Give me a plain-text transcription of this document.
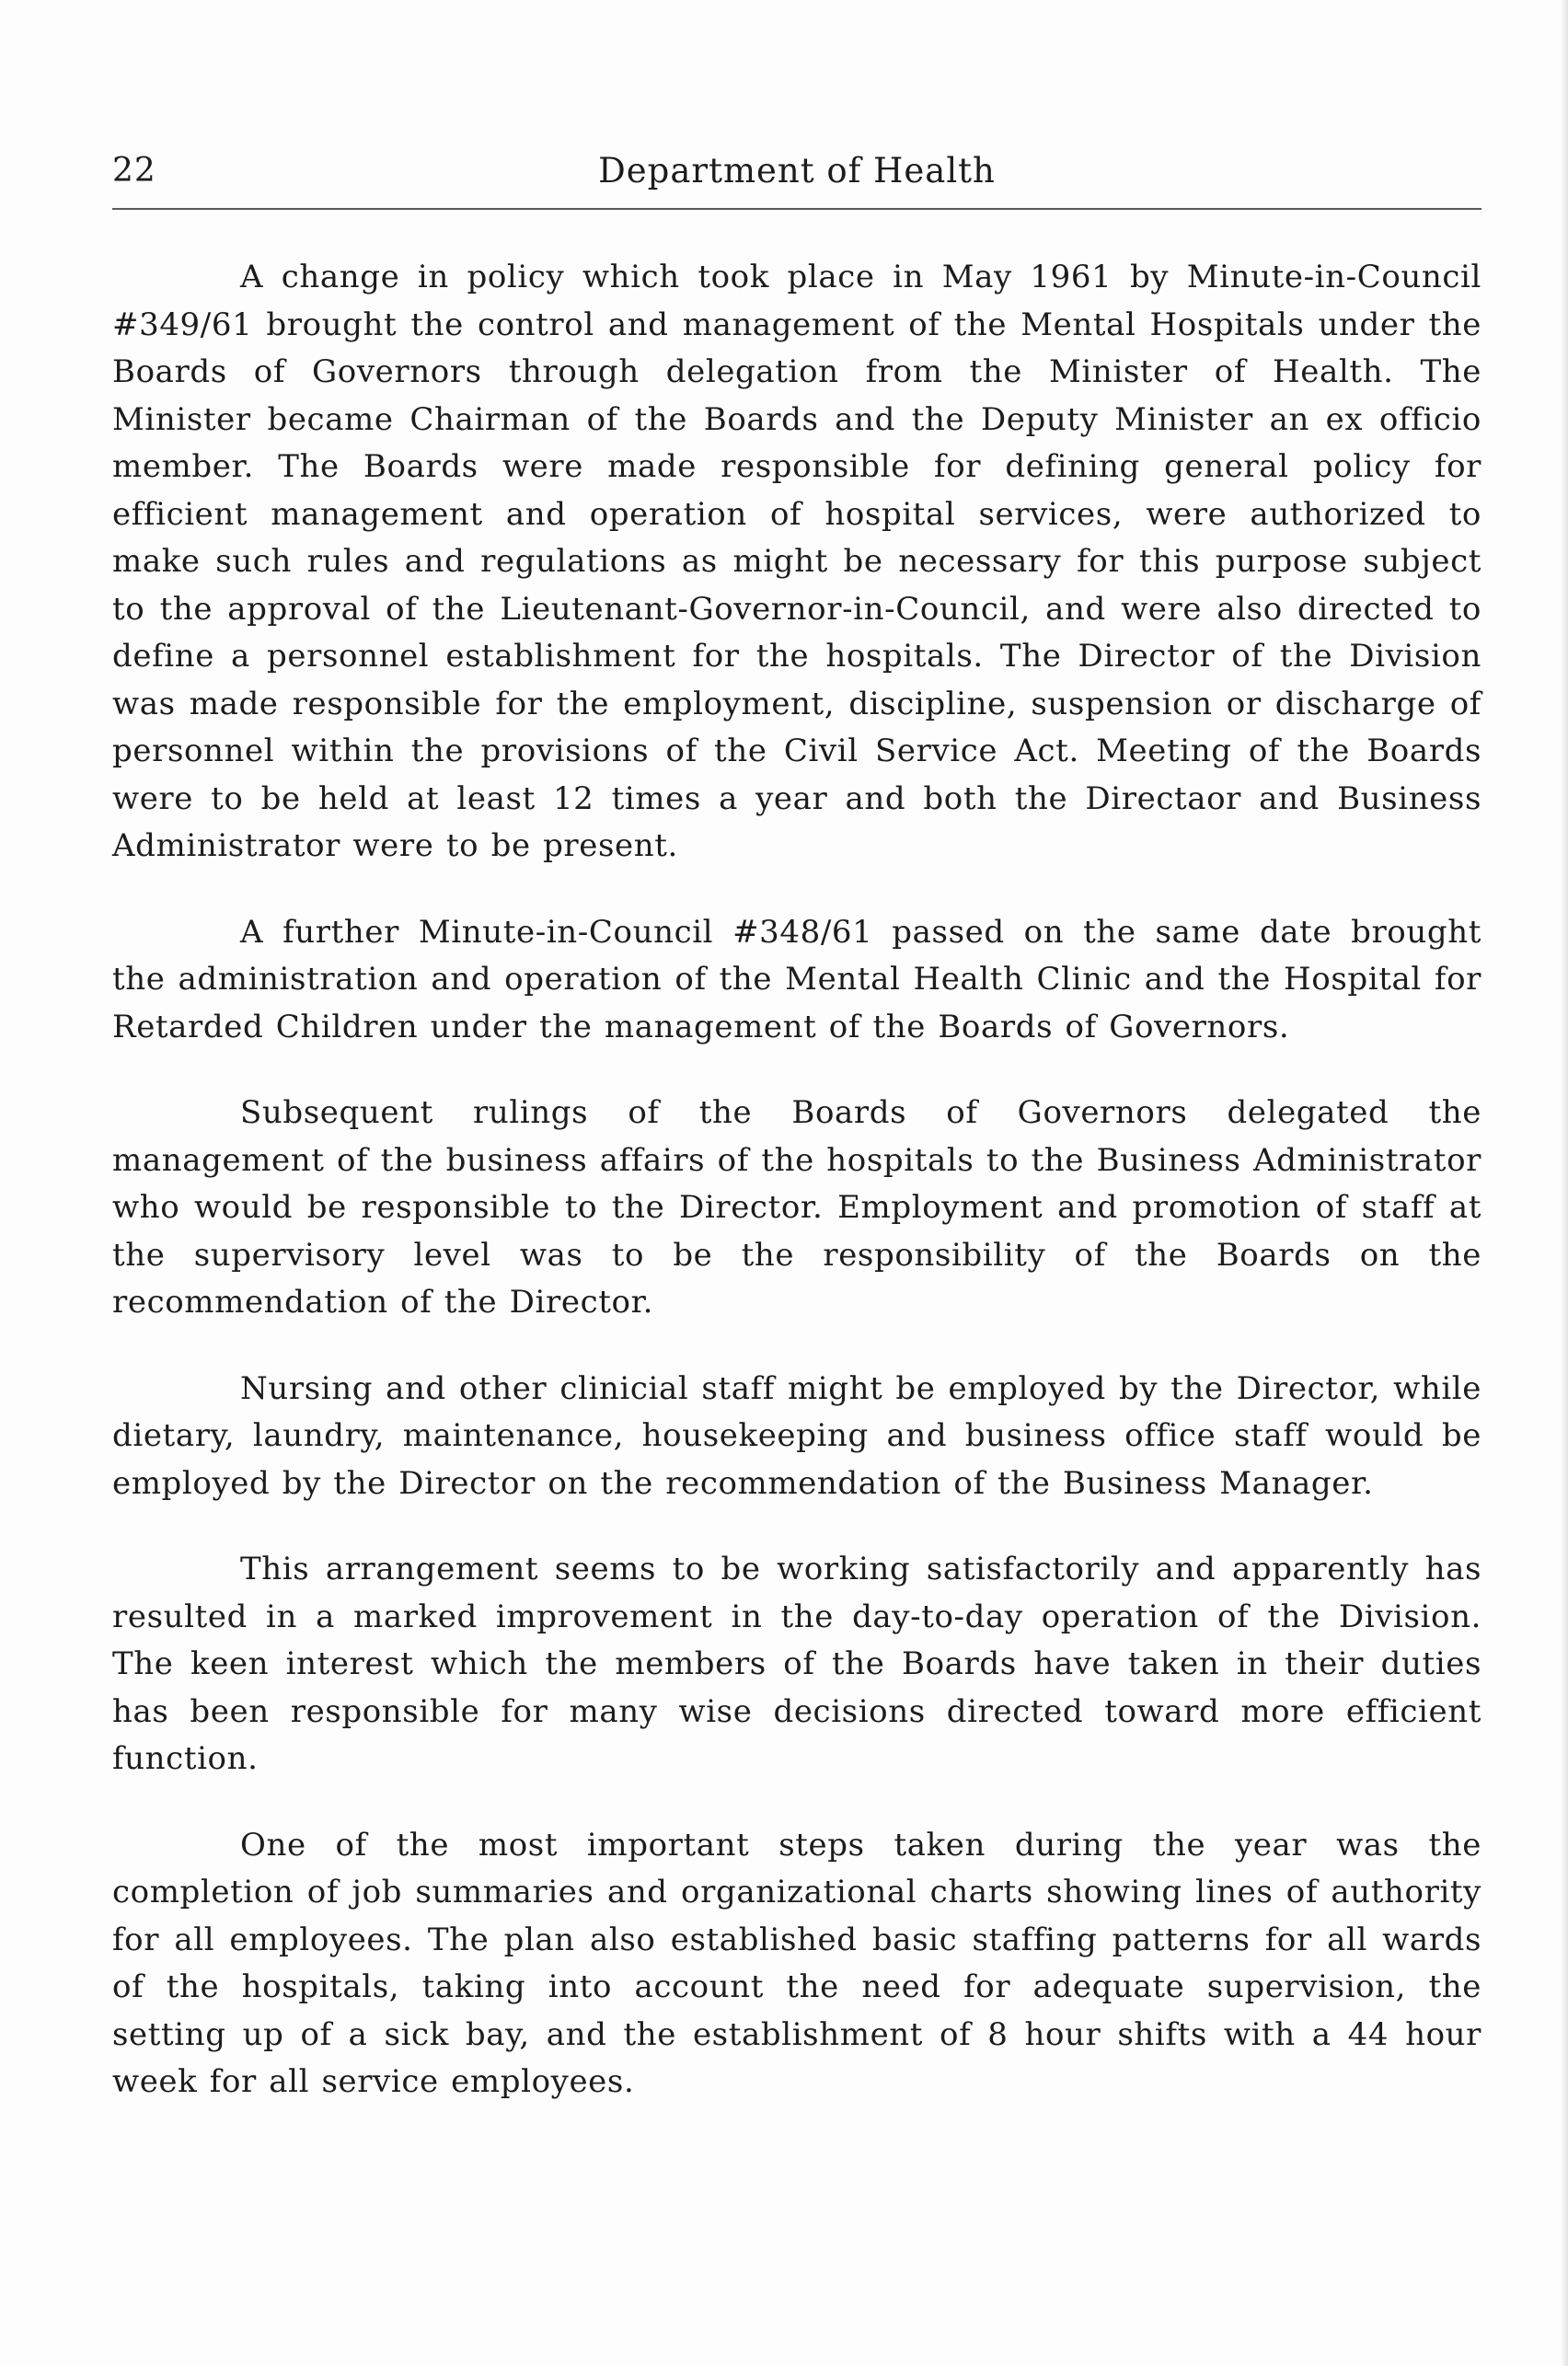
22	Department of Health

A change in policy which took place in May 1961 by Minute-in-Council #349/61 brought the control and management of the Mental Hospitals under the Boards of Governors through delegation from the Minister of Health. The Minister became Chairman of the Boards and the Deputy Minister an ex officio member. The Boards were made responsible for defining general policy for efficient management and operation of hospital services, were authorized to make such rules and regulations as might be necessary for this purpose subject to the approval of the Lieutenant-Governor-in-Council, and were also directed to define a personnel establishment for the hospitals. The Director of the Division was made responsible for the employment, discipline, suspension or discharge of personnel within the provisions of the Civil Service Act. Meeting of the Boards were to be held at least 12 times a year and both the Directaor and Business Administrator were to be present.

A further Minute-in-Council #348/61 passed on the same date brought the administration and operation of the Mental Health Clinic and the Hospital for Retarded Children under the management of the Boards of Governors.

Subsequent rulings of the Boards of Governors delegated the management of the business affairs of the hospitals to the Business Administrator who would be responsible to the Director. Employment and promotion of staff at the supervisory level was to be the responsibility of the Boards on the recommendation of the Director.

Nursing and other clinicial staff might be employed by the Director, while dietary, laundry, maintenance, housekeeping and business office staff would be employed by the Director on the recommendation of the Business Manager.

This arrangement seems to be working satisfactorily and apparently has resulted in a marked improvement in the day-to-day operation of the Division. The keen interest which the members of the Boards have taken in their duties has been responsible for many wise decisions directed toward more efficient function.

One of the most important steps taken during the year was the completion of job summaries and organizational charts showing lines of authority for all employees. The plan also established basic staffing patterns for all wards of the hospitals, taking into account the need for adequate supervision, the setting up of a sick bay, and the establishment of 8 hour shifts with a 44 hour week for all service employees.
